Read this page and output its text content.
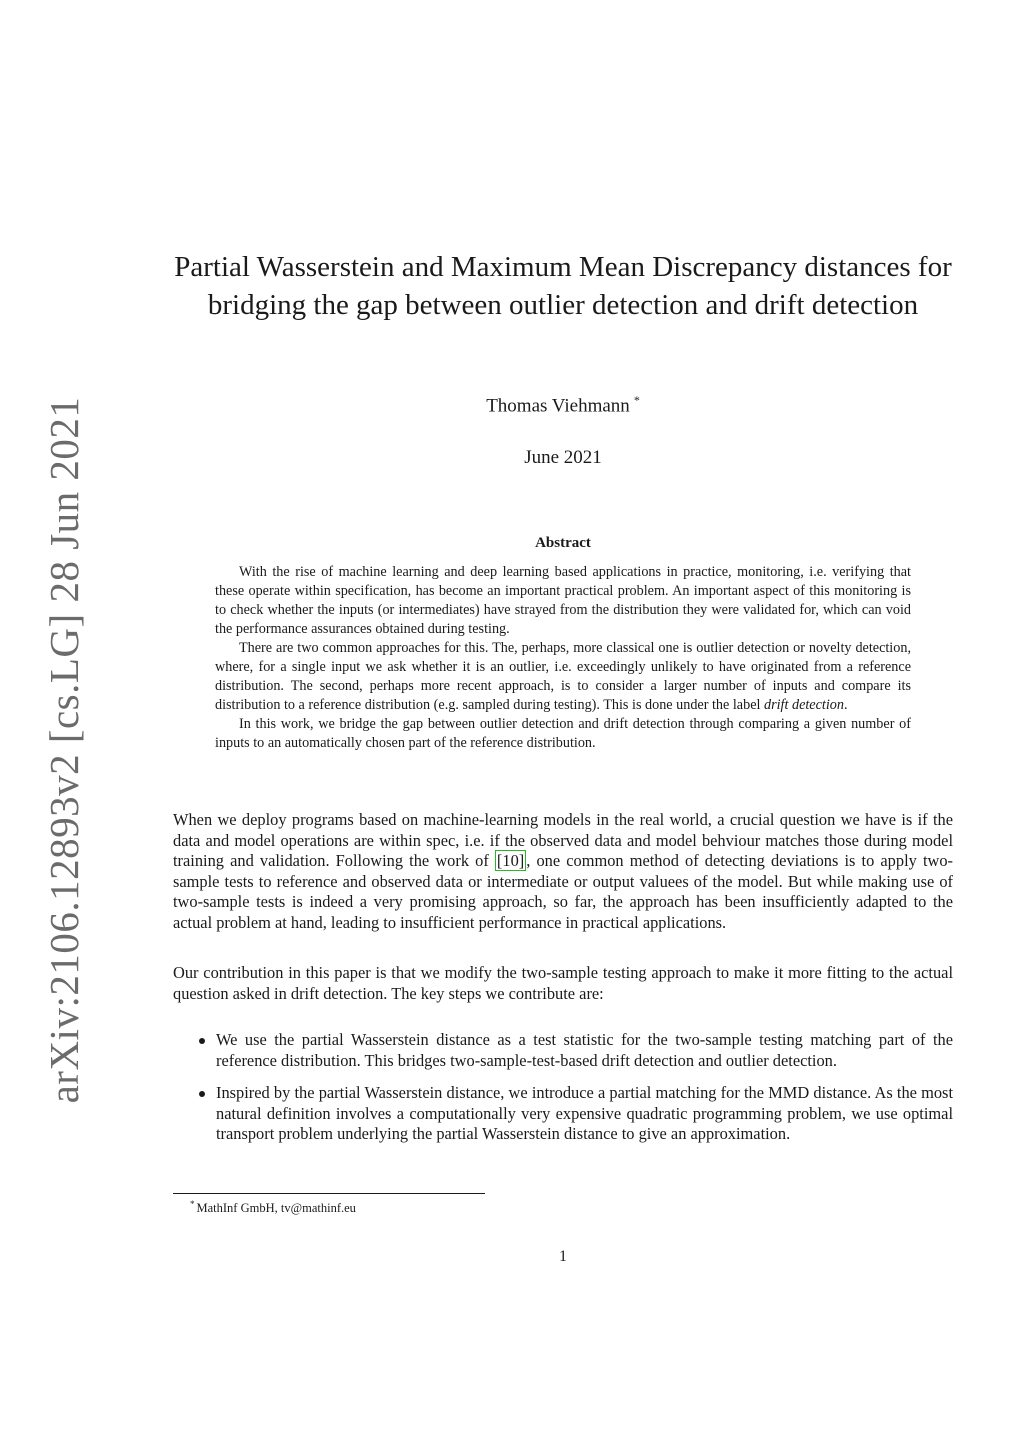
arXiv:2106.12893v2 [cs.LG] 28 Jun 2021
Partial Wasserstein and Maximum Mean Discrepancy distances for bridging the gap between outlier detection and drift detection
Thomas Viehmann *
June 2021
Abstract

With the rise of machine learning and deep learning based applications in practice, monitoring, i.e. verifying that these operate within specification, has become an important practical problem. An important aspect of this monitoring is to check whether the inputs (or intermediates) have strayed from the distribution they were validated for, which can void the performance assurances obtained during testing.

There are two common approaches for this. The, perhaps, more classical one is outlier detection or novelty detection, where, for a single input we ask whether it is an outlier, i.e. exceedingly unlikely to have originated from a reference distribution. The second, perhaps more recent approach, is to consider a larger number of inputs and compare its distribution to a reference distribution (e.g. sampled during testing). This is done under the label drift detection.

In this work, we bridge the gap between outlier detection and drift detection through comparing a given number of inputs to an automatically chosen part of the reference distribution.

When we deploy programs based on machine-learning models in the real world, a crucial question we have is if the data and model operations are within spec, i.e. if the observed data and model behviour matches those during model training and validation. Following the work of [10] , one common method of detecting deviations is to apply two-sample tests to reference and observed data or intermediate or output valuees of the model. But while making use of two-sample tests is indeed a very promising approach, so far, the approach has been insufficiently adapted to the actual problem at hand, leading to insufficient performance in practical applications.

Our contribution in this paper is that we modify the two-sample testing approach to make it more fitting to the actual question asked in drift detection. The key steps we contribute are:

We use the partial Wasserstein distance as a test statistic for the two-sample testing matching part of the reference distribution. This bridges two-sample-test-based drift detection and outlier detection.
Inspired by the partial Wasserstein distance, we introduce a partial matching for the MMD distance. As the most natural definition involves a computationally very expensive quadratic programming problem, we use optimal transport problem underlying the partial Wasserstein distance to give an approximation.
* MathInf GmbH, tv@mathinf.eu
1
